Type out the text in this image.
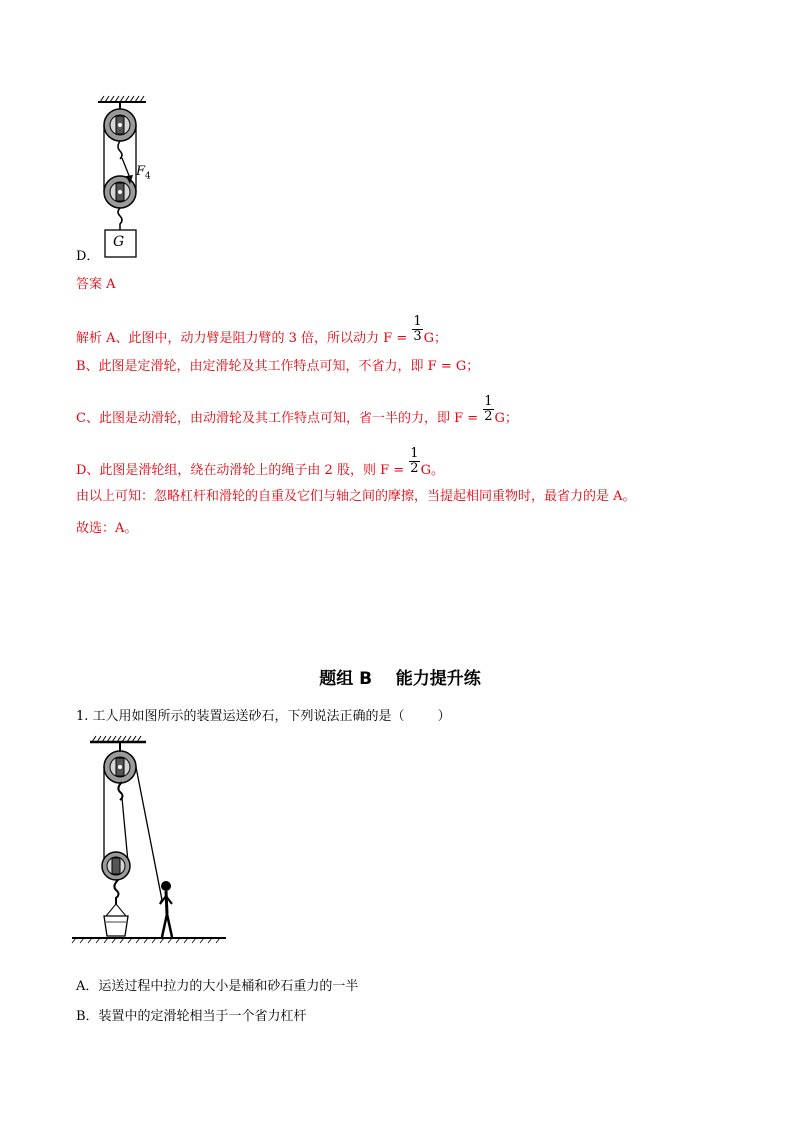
$F_4$
G
D．
答案 A
解析 A、此图中，动力臂是阻力臂的 3 倍，所以动力 $F = \frac{1}{3}$ G；
B、此图是定滑轮，由定滑轮及其工作特点可知，不省力，即 F = G；
C、此图是动滑轮，由动滑轮及其工作特点可知，省一半的力，即 $F = \frac{1}{2}$ G；
D、此图是滑轮组，绕在动滑轮上的绳子由 2 股，则 $F = \frac{1}{2}$ G。
由以上可知：忽略杠杆和滑轮的自重及它们与轴之间的摩擦，当提起相同重物时，最省力的是 A。
故选：A。
题组 B    能力提升练
1. 工人用如图所示的装置运送砂石，下列说法正确的是（        ）
A．运送过程中拉力的大小是桶和砂石重力的一半
B．装置中的定滑轮相当于一个省力杠杆
